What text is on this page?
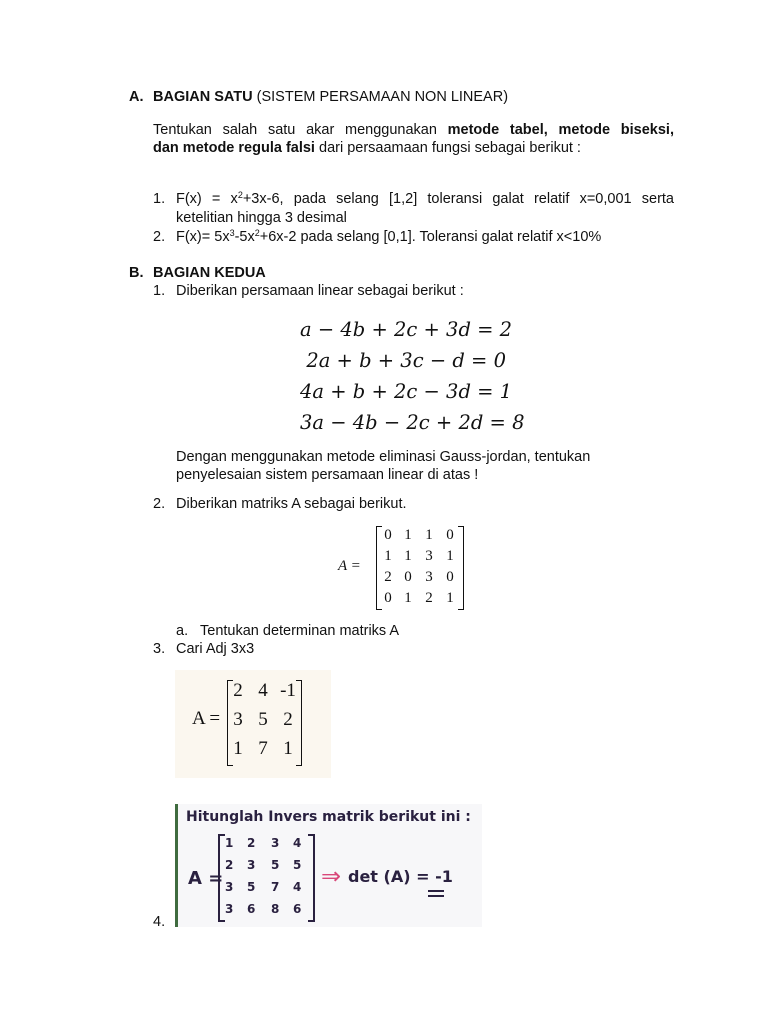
A. BAGIAN SATU (SISTEM PERSAMAAN NON LINEAR)
Tentukan salah satu akar menggunakan metode tabel, metode biseksi,
dan metode regula falsi dari persaamaan fungsi sebagai berikut :
1. $F(x) = x^2+3x-6$, pada selang [1,2] toleransi galat relatif x=0,001 serta
ketelitian hingga 3 desimal
2. $F(x)= 5x^3-5x^2+6x-2$ pada selang [0,1]. Toleransi galat relatif x<10%
B. BAGIAN KEDUA
1. Diberikan persamaan linear sebagai berikut :
a − 4b + 2c + 3d = 2
2a + b + 3c − d = 0
4a + b + 2c − 3d = 1
3a − 4b − 2c + 2d = 8
Dengan menggunakan metode eliminasi Gauss-jordan, tentukan
penyelesaian sistem persamaan linear di atas !
2. Diberikan matriks A sebagai berikut.
A =
0 1 1 0
1 1 3 1
2 0 3 0
0 1 2 1
a. Tentukan determinan matriks A
3. Cari Adj 3x3
A =
2 4 -1
3 5 2
1 7 1
Hitunglah Invers matrik berikut ini :
A =
1 2 3 4
2 3 5 5
3 5 7 4
3 6 8 6
⇒ det (A) = -1
4.
